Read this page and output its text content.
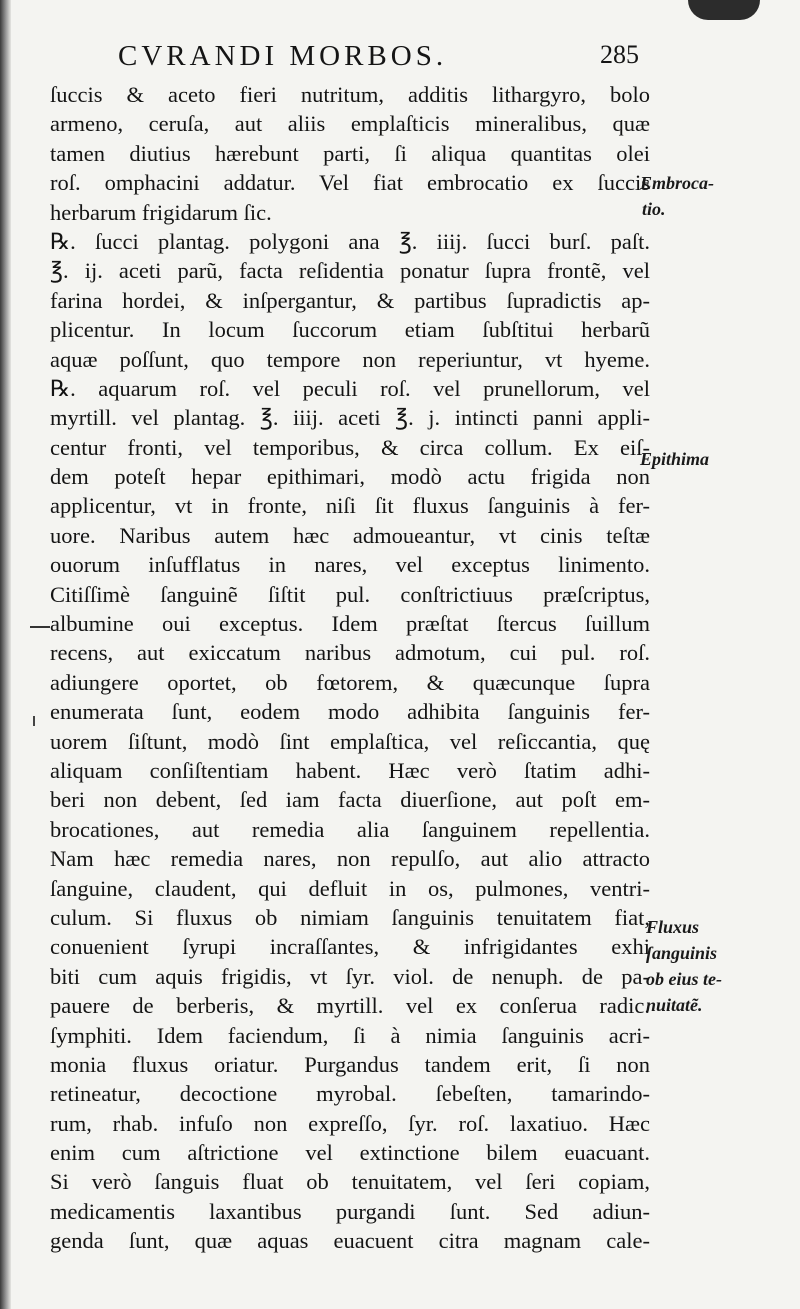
CVRANDI MORBOS.	285
ſuccis & aceto fieri nutritum, additis lithargyro, bolo
armeno, ceruſa, aut aliis emplaſticis mineralibus, quæ
tamen diutius hærebunt parti, ſi aliqua quantitas olei
roſ. omphacini addatur. Vel fiat embrocatio ex ſuccis
herbarum frigidarum ſic.
℞. ſucci plantag. polygoni ana ℥. iiij. ſucci burſ. paſt.
℥. ij. aceti parũ, facta reſidentia ponatur ſupra frontẽ, vel
farina hordei, & inſpergantur, & partibus ſupradictis ap-
plicentur. In locum ſuccorum etiam ſubſtitui herbarũ
aquæ poſſunt, quo tempore non reperiuntur, vt hyeme.
℞. aquarum roſ. vel peculi roſ. vel prunellorum, vel
myrtill. vel plantag. ℥. iiij. aceti ℥. j. intincti panni appli-
centur fronti, vel temporibus, & circa collum. Ex eiſ-
dem poteſt hepar epithimari, modò actu frigida non
applicentur, vt in fronte, niſi ſit fluxus ſanguinis à fer-
uore. Naribus autem hæc admoueantur, vt cinis teſtæ
ouorum inſufflatus in nares, vel exceptus linimento.
Citiſſimè ſanguinẽ ſiſtit pul. conſtrictiuus præſcriptus,
albumine oui exceptus. Idem præſtat ſtercus ſuillum
recens, aut exiccatum naribus admotum, cui pul. roſ.
adiungere oportet, ob fœtorem, & quæcunque ſupra
enumerata ſunt, eodem modo adhibita ſanguinis fer-
uorem ſiſtunt, modò ſint emplaſtica, vel reſiccantia, quę
aliquam conſiſtentiam habent. Hæc verò ſtatim adhi-
beri non debent, ſed iam facta diuerſione, aut poſt em-
brocationes, aut remedia alia ſanguinem repellentia.
Nam hæc remedia nares, non repulſo, aut alio attracto
ſanguine, claudent, qui defluit in os, pulmones, ventri-
culum. Si fluxus ob nimiam ſanguinis tenuitatem fiat,
conuenient ſyrupi incraſſantes, & infrigidantes exhi
biti cum aquis frigidis, vt ſyr. viol. de nenuph. de pa-
pauere de berberis, & myrtill. vel ex conſerua radic.
ſymphiti. Idem faciendum, ſi à nimia ſanguinis acri-
monia fluxus oriatur. Purgandus tandem erit, ſi non
retineatur, decoctione myrobal. ſebeſten, tamarindo-
rum, rhab. infuſo non expreſſo, ſyr. roſ. laxatiuo. Hæc
enim cum aſtrictione vel extinctione bilem euacuant.
Si verò ſanguis fluat ob tenuitatem, vel ſeri copiam,
medicamentis laxantibus purgandi ſunt. Sed adiun-
genda ſunt, quæ aquas euacuent citra magnam cale-
Embroca-
tio.
Epithima
Fluxus
ſanguinis
ob eius te-
nuitatẽ.
